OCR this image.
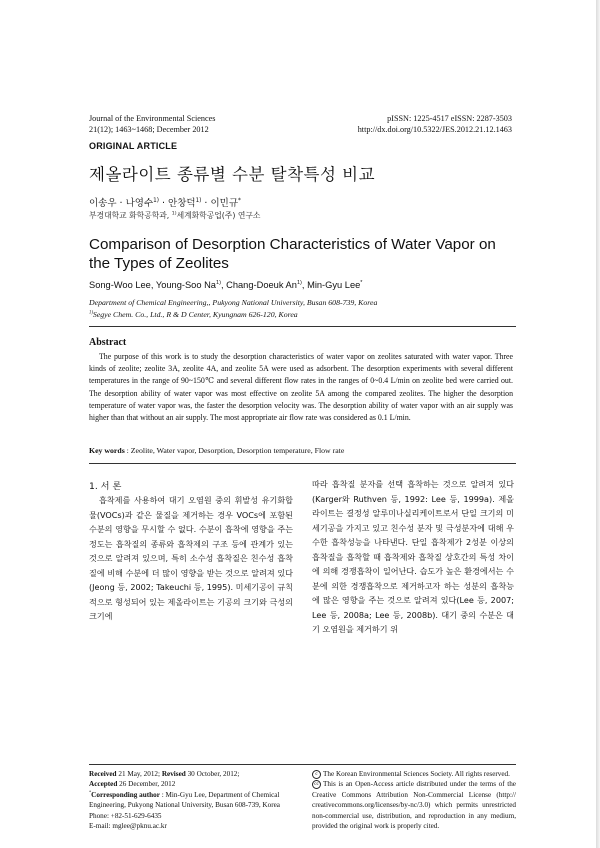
Journal of the Environmental Sciences
21(12); 1463~1468; December 2012
pISSN: 1225-4517 eISSN: 2287-3503
http://dx.doi.org/10.5322/JES.2012.21.12.1463
ORIGINAL ARTICLE
제올라이트 종류별 수분 탈착특성 비교
이송우 · 나영수$^{1)}$ · 안창덕$^{1)}$ · 이민규*
부경대학교 화학공학과, $^{1)}$세계화학공업(주) 연구소
Comparison of Desorption Characteristics of Water Vapor on the Types of Zeolites
Song-Woo Lee, Young-Soo Na$^{1)}$, Chang-Doeuk An$^{1)}$, Min-Gyu Lee*
Department of Chemical Engineering,, Pukyong National University, Busan 608-739, Korea
$^{1)}$Segye Chem. Co., Ltd., R & D Center, Kyungnam 626-120, Korea
Abstract
The purpose of this work is to study the desorption characteristics of water vapor on zeolites saturated with water vapor. Three kinds of zeolite; zeolite 3A, zeolite 4A, and zeolite 5A were used as adsorbent. The desorption experiments with several different temperatures in the range of 90~150℃ and several different flow rates in the ranges of 0~0.4 L/min on zeolite bed were carried out. The desorption ability of water vapor was most effective on zeolite 5A among the compared zeolites. The higher the desorption temperature of water vapor was, the faster the desorption velocity was. The desorption ability of water vapor with an air supply was higher than that without an air supply. The most appropriate air flow rate was considered as 0.1 L/min.
Key words : Zeolite, Water vapor, Desorption, Desorption temperature, Flow rate
1. 서 론
흡착제를 사용하여 대기 오염원 중의 휘발성 유기화합물(VOCs)과 같은 물질을 제거하는 경우 VOCs에 포함된 수분의 영향을 무시할 수 없다. 수분이 흡착에 영향을 주는 정도는 흡착질의 종류와 흡착제의 구조 등에 관계가 있는 것으로 알려져 있으며, 특히 소수성 흡착질은 친수성 흡착질에 비해 수분에 더 많이 영향을 받는 것으로 알려져 있다(Jeong 등, 2002; Takeuchi 등, 1995). 미세기공이 규칙적으로 형성되어 있는 제올라이트는 기공의 크기와 극성의 크기에
따라 흡착질 분자를 선택 흡착하는 것으로 알려져 있다(Karger와 Ruthven 등, 1992: Lee 등, 1999a). 제올라이트는 결정성 알루미나실리케이트로서 단일 크기의 미세기공을 가지고 있고 친수성 분자 및 극성분자에 대해 우수한 흡착성능을 나타낸다. 단일 흡착제가 2성분 이상의 흡착질을 흡착할 때 흡착제와 흡착질 상호간의 특성 차이에 의해 경쟁흡착이 일어난다. 습도가 높은 환경에서는 수분에 의한 경쟁흡착으로 제거하고자 하는 성분의 흡착능에 많은 영향을 주는 것으로 알려져 있다(Lee 등, 2007; Lee 등, 2008a; Lee 등, 2008b). 대기 중의 수분은 대기 오염원을 제거하기 위
Received 21 May, 2012; Revised 30 October, 2012;
Accepted 26 December, 2012
*Corresponding author : Min-Gyu Lee, Department of Chemical Engineering, Pukyong National University, Busan 608-739, Korea
Phone: +82-51-629-6435
E-mail: mglee@pknu.ac.kr
c The Korean Environmental Sciences Society. All rights reserved.
cc This is an Open-Access article distributed under the terms of the Creative Commons Attribution Non-Commercial License (http:// creativecommons.org/licenses/by-nc/3.0) which permits unrestricted non-commercial use, distribution, and reproduction in any medium, provided the original work is properly cited.
